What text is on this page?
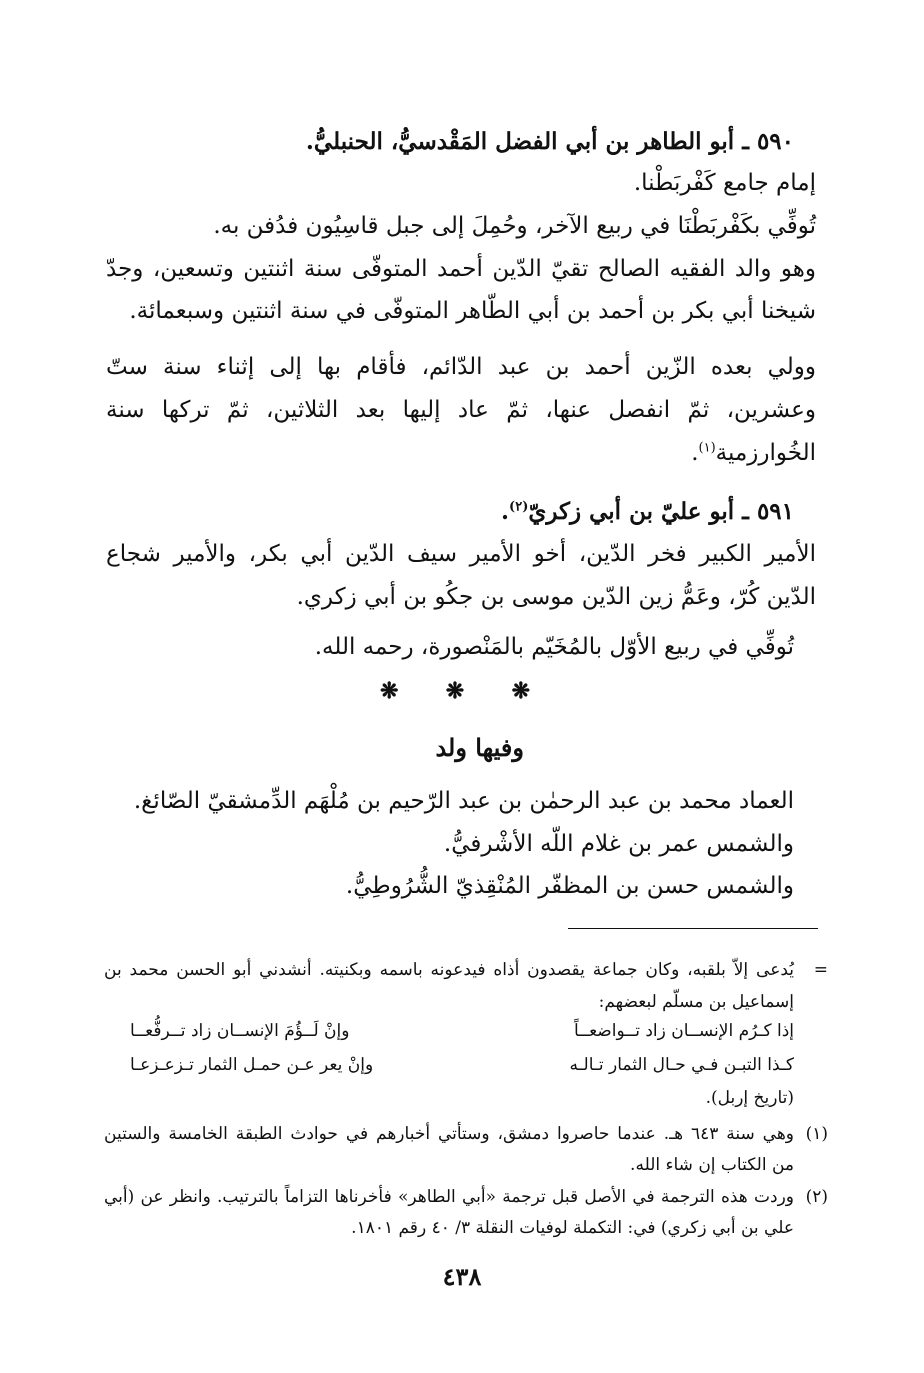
٥٩٠ ـ أبو الطاهر بن أبي الفضل المَقْدسيُّ، الحنبليُّ.
إمام جامع كَفْربَطْنا.
تُوفِّي بكَفْربَطْنَا في ربيع الآخر، وحُمِلَ إلى جبل قاسِيُون فدُفن به.
وهو والد الفقيه الصالح تقيّ الدّين أحمد المتوفّى سنة اثنتين وتسعين، وجدّ
شيخنا أبي بكر بن أحمد بن أبي الطّاهر المتوفّى في سنة اثنتين وسبعمائة.
وولي بعده الزّين أحمد بن عبد الدّائم، فأقام بها إلى إثناء سنة ستّ
وعشرين، ثمّ انفصل عنها، ثمّ عاد إليها بعد الثلاثين، ثمّ تركها سنة
الخُوارزمية$^{(١)}$.
٥٩١ ـ أبو عليّ بن أبي زكريّ$^{(٢)}$.
الأمير الكبير فخر الدّين، أخو الأمير سيف الدّين أبي بكر، والأمير شجاع
الدّين كُرّ، وعَمُّ زين الدّين موسى بن جكُو بن أبي زكري.
تُوفِّي في ربيع الأوّل بالمُخَيّم بالمَنْصورة، رحمه الله.
❋ ❋ ❋
وفيها ولد
العماد محمد بن عبد الرحمٰن بن عبد الرّحيم بن مُلْهَم الدِّمشقيّ الصّائغ.
والشمس عمر بن غلام اللّه الأشْرفيُّ.
والشمس حسن بن المظفّر المُنْقِذيّ الشُّرُوطِيُّ.
=
يُدعى إلاّ بلقبه، وكان جماعة يقصدون أذاه فيدعونه باسمه وبكنيته. أنشدني أبو الحسن محمد بن
إسماعيل بن مسلّم لبعضهم:
إذا كـرُم الإنســان زاد تــواضعــاً
وإنْ لَــؤُمَ الإنســان زاد تــرفُّعــا
كـذا التبـن فـي حـال الثمار تـالـه
وإنْ يعر عـن حمـل الثمار تـزعـزعـا
(تاريخ إربل).
(١)
وهي سنة ٦٤٣ هـ. عندما حاصروا دمشق، وستأتي أخبارهم في حوادث الطبقة الخامسة والستين
من الكتاب إن شاء الله.
(٢)
وردت هذه الترجمة في الأصل قبل ترجمة «أبي الطاهر» فأخرناها التزاماً بالترتيب. وانظر عن (أبي
علي بن أبي زكري) في: التكملة لوفيات النقلة ٣/ ٤٠ رقم ١٨٠١.
٤٣٨
